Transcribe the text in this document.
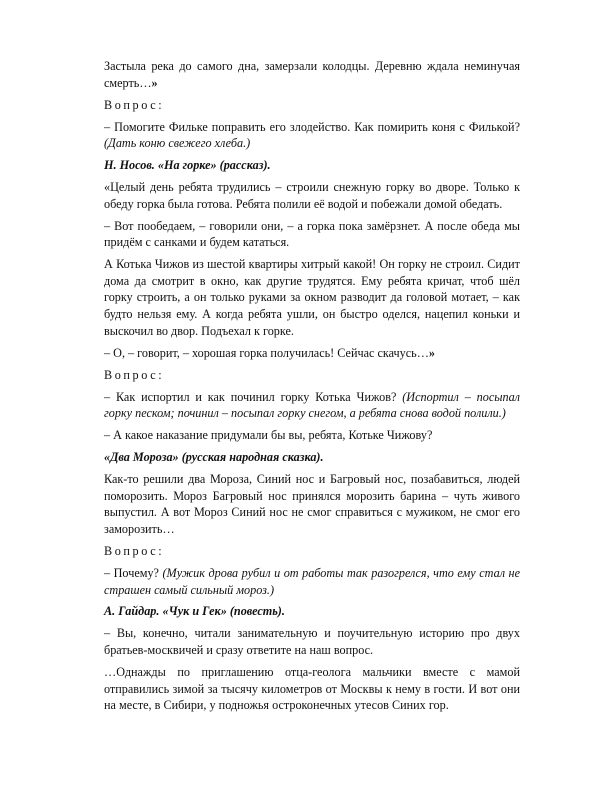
Застыла река до самого дна, замерзали колодцы. Деревню ждала неминучая смерть…»

Вопрос:

– Помогите Фильке поправить его злодейство. Как помирить коня с Филькой? (Дать коню свежего хлеба.)

Н. Носов. «На горке» (рассказ).

«Целый день ребята трудились – строили снежную горку во дворе. Только к обеду горка была готова. Ребята полили её водой и побежали домой обедать.

– Вот пообедаем, – говорили они, – а горка пока замёрзнет. А после обеда мы придём с санками и будем кататься.

А Котька Чижов из шестой квартиры хитрый какой! Он горку не строил. Сидит дома да смотрит в окно, как другие трудятся. Ему ребята кричат, чтоб шёл горку строить, а он только руками за окном разводит да головой мотает, – как будто нельзя ему. А когда ребята ушли, он быстро оделся, нацепил коньки и выскочил во двор. Подъехал к горке.

– О, – говорит, – хорошая горка получилась! Сейчас скачусь…»

Вопрос:

– Как испортил и как починил горку Котька Чижов? (Испортил – посыпал горку песком; починил – посыпал горку снегом, а ребята снова водой полили.)

– А какое наказание придумали бы вы, ребята, Котьке Чижову?

«Два Мороза» (русская народная сказка).

Как-то решили два Мороза, Синий нос и Багровый нос, позабавиться, людей поморозить. Мороз Багровый нос принялся морозить барина – чуть живого выпустил. А вот Мороз Синий нос не смог справиться с мужиком, не смог его заморозить…

Вопрос:

– Почему? (Мужик дрова рубил и от работы так разогрелся, что ему стал не страшен самый сильный мороз.)

А. Гайдар. «Чук и Гек» (повесть).

– Вы, конечно, читали занимательную и поучительную историю про двух братьев-москвичей и сразу ответите на наш вопрос.

…Однажды по приглашению отца-геолога мальчики вместе с мамой отправились зимой за тысячу километров от Москвы к нему в гости. И вот они на месте, в Сибири, у подножья остроконечных утесов Синих гор.
